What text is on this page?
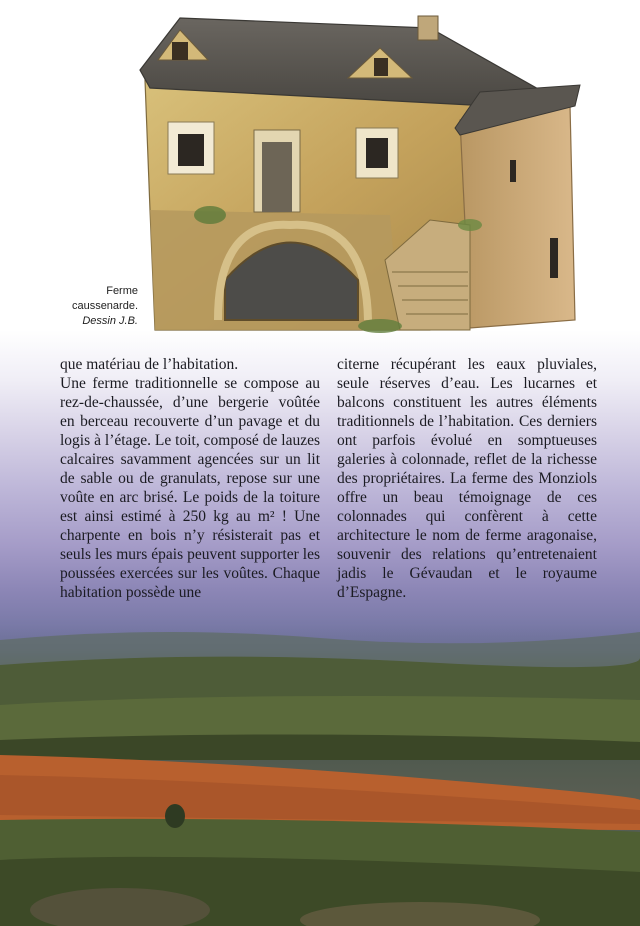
Ferme
caussenarde.
Dessin J.B.

que matériau de l’habitation.

Une ferme traditionnelle se compose au rez-de-chaussée, d’une bergerie voûtée en berceau recouverte d’un pavage et du logis à l’étage. Le toit, composé de lauzes calcaires savamment agencées sur un lit de sable ou de granulats, repose sur une voûte en arc brisé. Le poids de la toiture est ainsi estimé à 250 kg au m² ! Une charpente en bois n’y résisterait pas et seuls les murs épais peuvent supporter les poussées exercées sur les voûtes. Chaque habitation possède une

citerne récupérant les eaux pluviales, seule réserves d’eau. Les lucarnes et balcons constituent les autres éléments traditionnels de l’habitation. Ces derniers ont parfois évolué en somptueuses galeries à colonnade, reflet de la richesse des propriétaires. La ferme des Monziols offre un beau témoignage de ces colonnades qui confèrent à cette architecture le nom de ferme aragonaise, souvenir des relations qu’entretenaient jadis le Gévaudan et le royaume d’Espagne.
